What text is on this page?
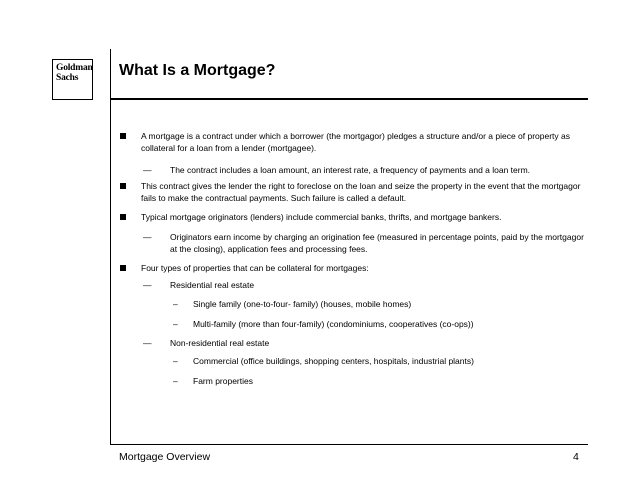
Goldman
Sachs	What Is a Mortgage?
A mortgage is a contract under which a borrower (the mortgagor) pledges a structure and/or a piece of property as collateral for a loan from a lender (mortgagee).
— The contract includes a loan amount, an interest rate, a frequency of payments and a loan term.
This contract gives the lender the right to foreclose on the loan and seize the property in the event that the mortgagor fails to make the contractual payments. Such failure is called a default.
Typical mortgage originators (lenders) include commercial banks, thrifts, and mortgage bankers.
— Originators earn income by charging an origination fee (measured in percentage points, paid by the mortgagor at the closing), application fees and processing fees.
Four types of properties that can be collateral for mortgages:
— Residential real estate
– Single family (one-to-four- family) (houses, mobile homes)
– Multi-family (more than four-family) (condominiums, cooperatives (co-ops))
— Non-residential real estate
– Commercial (office buildings, shopping centers, hospitals, industrial plants)
– Farm properties
Mortgage Overview	4
